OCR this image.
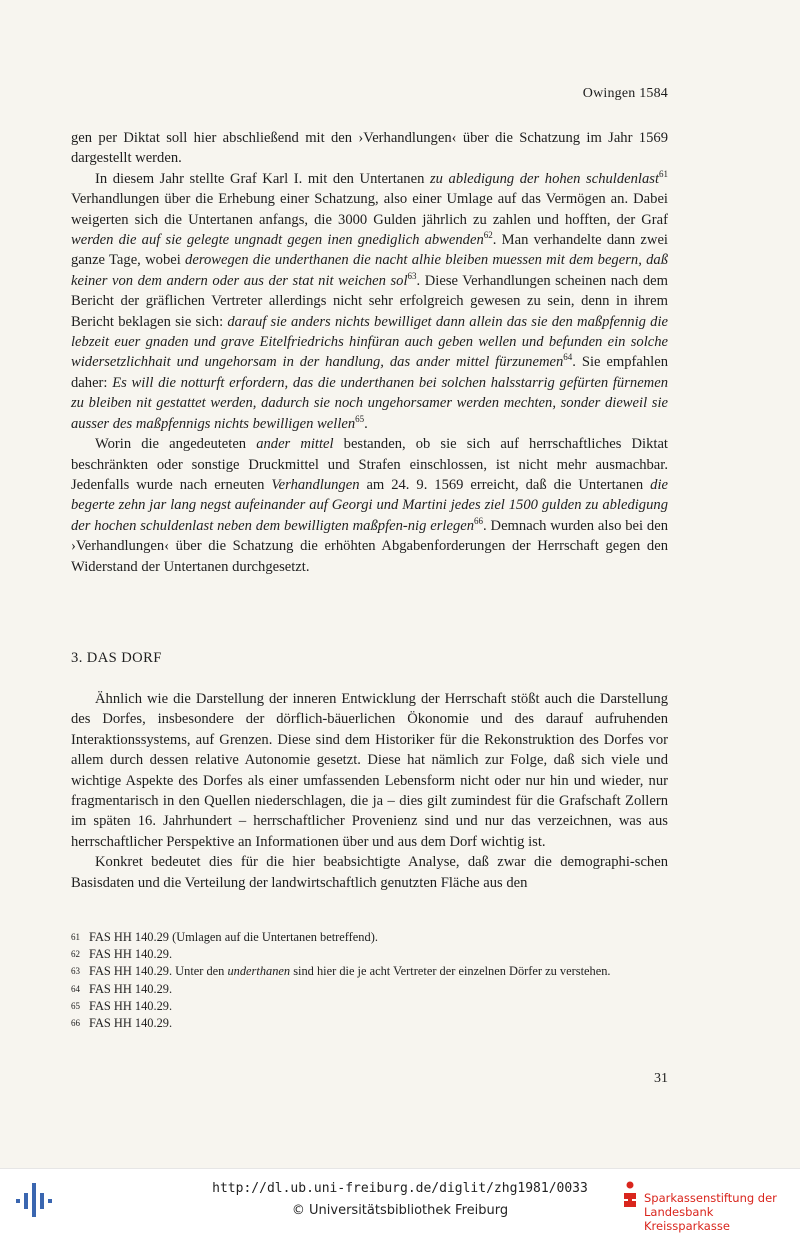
Owingen 1584

gen per Diktat soll hier abschließend mit den ›Verhandlungen‹ über die Schatzung im Jahr 1569 dargestellt werden.

In diesem Jahr stellte Graf Karl I. mit den Untertanen zu abledigung der hohen schuldenlast$^{61}$ Verhandlungen über die Erhebung einer Schatzung, also einer Umlage auf das Vermögen an. Dabei weigerten sich die Untertanen anfangs, die 3000 Gulden jährlich zu zahlen und hofften, der Graf werden die auf sie gelegte ungnadt gegen inen gnediglich abwenden$^{62}$. Man verhandelte dann zwei ganze Tage, wobei derowegen die underthanen die nacht alhie bleiben muessen mit dem begern, daß keiner von dem andern oder aus der stat nit weichen sol$^{63}$. Diese Verhandlungen scheinen nach dem Bericht der gräflichen Vertreter allerdings nicht sehr erfolgreich gewesen zu sein, denn in ihrem Bericht beklagen sie sich: darauf sie anders nichts bewilliget dann allein das sie den maßpfennig die lebzeit euer gnaden und grave Eitelfriedrichs hinfüran auch geben wellen und befunden ein solche widersetzlichhait und ungehorsam in der handlung, das ander mittel fürzunemen$^{64}$. Sie empfahlen daher: Es will die notturft erfordern, das die underthanen bei solchen halsstarrig gefürten fürnemen zu bleiben nit gestattet werden, dadurch sie noch ungehorsamer werden mechten, sonder dieweil sie ausser des maßpfennigs nichts bewilligen wellen$^{65}$.

Worin die angedeuteten ander mittel bestanden, ob sie sich auf herrschaftliches Diktat beschränkten oder sonstige Druckmittel und Strafen einschlossen, ist nicht mehr ausmachbar. Jedenfalls wurde nach erneuten Verhandlungen am 24. 9. 1569 erreicht, daß die Untertanen die begerte zehn jar lang negst aufeinander auf Georgi und Martini jedes ziel 1500 gulden zu abledigung der hochen schuldenlast neben dem bewilligten maßpfen-nig erlegen$^{66}$. Demnach wurden also bei den ›Verhandlungen‹ über die Schatzung die erhöhten Abgabenforderungen der Herrschaft gegen den Widerstand der Untertanen durchgesetzt.

3. DAS DORF

Ähnlich wie die Darstellung der inneren Entwicklung der Herrschaft stößt auch die Darstellung des Dorfes, insbesondere der dörflich-bäuerlichen Ökonomie und des darauf aufruhenden Interaktionssystems, auf Grenzen. Diese sind dem Historiker für die Rekonstruktion des Dorfes vor allem durch dessen relative Autonomie gesetzt. Diese hat nämlich zur Folge, daß sich viele und wichtige Aspekte des Dorfes als einer umfassenden Lebensform nicht oder nur hin und wieder, nur fragmentarisch in den Quellen niederschlagen, die ja – dies gilt zumindest für die Grafschaft Zollern im späten 16. Jahrhundert – herrschaftlicher Provenienz sind und nur das verzeichnen, was aus herrschaftlicher Perspektive an Informationen über und aus dem Dorf wichtig ist.

Konkret bedeutet dies für die hier beabsichtigte Analyse, daß zwar die demographi-schen Basisdaten und die Verteilung der landwirtschaftlich genutzten Fläche aus den

61 FAS HH 140.29 (Umlagen auf die Untertanen betreffend).
62 FAS HH 140.29.
63 FAS HH 140.29. Unter den underthanen sind hier die je acht Vertreter der einzelnen Dörfer zu verstehen.
64 FAS HH 140.29.
65 FAS HH 140.29.
66 FAS HH 140.29.
31
http://dl.ub.uni-freiburg.de/diglit/zhg1981/0033
© Universitätsbibliothek Freiburg
Sparkassenstiftung der
Landesbank Kreissparkasse
